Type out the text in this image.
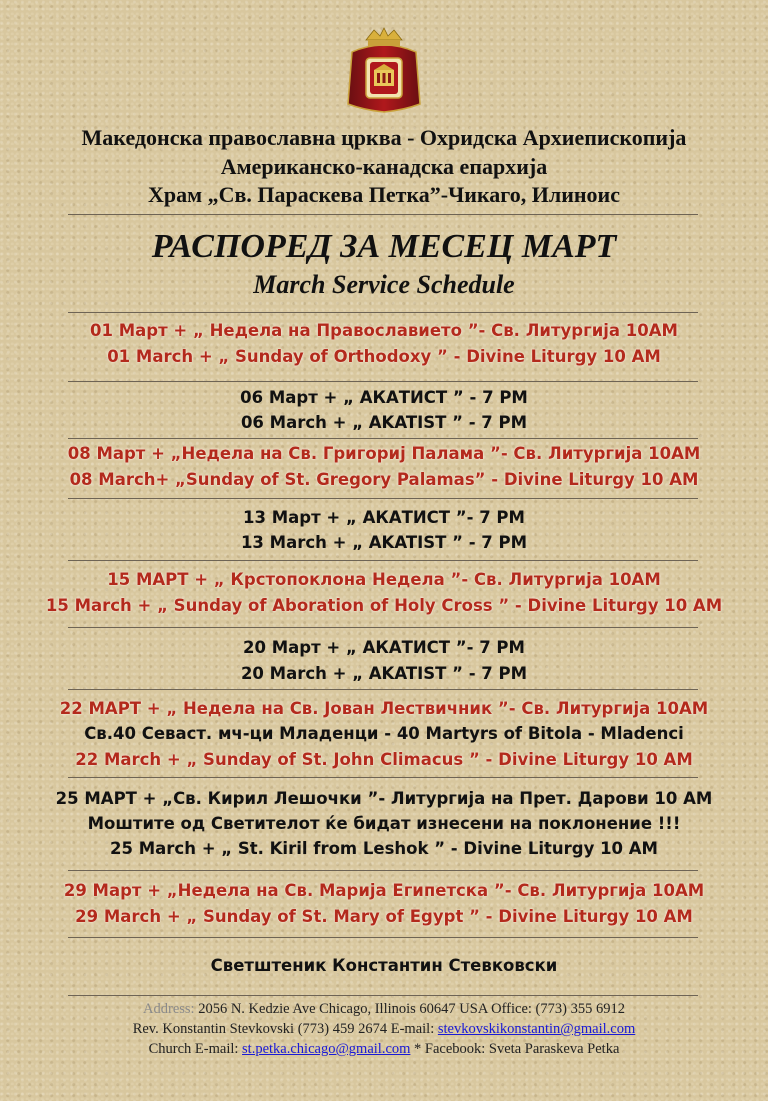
Македонска православна црква - Охридска Архиепископија
Американско-канадска епархија
Храм „Св. Параскева Петка”-Чикаго, Илиноис
РАСПОРЕД ЗА МЕСЕЦ МАРТ
March Service Schedule
01 Март + „ Недела на Православието ”- Св. Литургија 10АМ
01 March + „ Sunday of Orthodoxy ” - Divine Liturgy 10 AM
06 Март + „ АКАТИСТ ” - 7 PM
06 March + „ AKATIST ” - 7 PM
08 Март + „Недела на Св. Григориј Палама ”- Св. Литургија 10АМ
08 March+ „Sunday of St. Gregory Palamas” - Divine Liturgy 10 AM
13 Март + „ АКАТИСТ ”- 7 PM
13 March + „ AKATIST ” - 7 PM
15 МАРТ + „ Крстопоклона Недела ”- Св. Литургија 10АМ
15 March + „ Sunday of Aboration of Holy Cross ” - Divine Liturgy 10 AM
20 Март + „ АКАТИСТ ”- 7 PM
20 March + „ AKATIST ” - 7 PM
22 МАРТ + „ Недела на Св. Јован Лествичник ”- Св. Литургија 10АМ
Св.40 Севаст. мч-ци Младенци - 40 Martyrs of Bitola - Mladenci
22 March + „ Sunday of St. John Climacus ” - Divine Liturgy 10 AM
25 МАРТ + „Св. Кирил Лешочки ”- Литургија на Прет. Дарови 10 AM
Моштите од Светителот ќе бидат изнесени на поклонение !!!
25 March + „ St. Kiril from Leshok ” - Divine Liturgy 10 AM
29 Март + „Недела на Св. Марија Египетска ”- Св. Литургија 10АМ
29 March + „ Sunday of St. Mary of Egypt ” - Divine Liturgy 10 AM
Светштеник Константин Стевковски
Address: 2056 N. Kedzie Ave Chicago, Illinois 60647 USA Office: (773) 355 6912
Rev. Konstantin Stevkovski (773) 459 2674 E-mail: stevkovskikonstantin@gmail.com
Church E-mail: st.petka.chicago@gmail.com * Facebook: Sveta Paraskeva Petka
